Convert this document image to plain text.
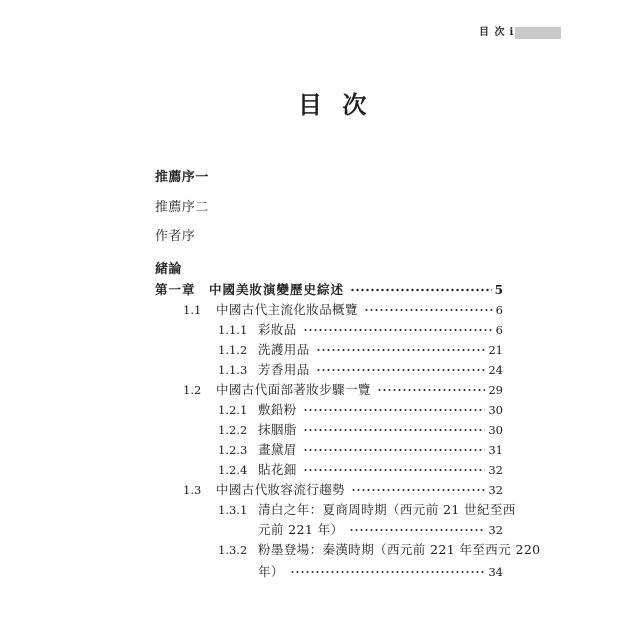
目 次 i
目 次
推薦序一
推薦序二
作者序
緒論
第一章	中國美妝演變歷史綜述	5
1.1	中國古代主流化妝品概覽	6
1.1.1 彩妝品	6
1.1.2 洗護用品	21
1.1.3 芳香用品	24
1.2	中國古代面部著妝步驟一覽	29
1.2.1 敷鉛粉	30
1.2.2 抹胭脂	30
1.2.3 畫黛眉	31
1.2.4 貼花鈿	32
1.3	中國古代妝容流行趨勢	32
1.3.1 清白之年：夏商周時期（西元前 21 世紀至西
元前 221 年）	32
1.3.2 粉墨登場：秦漢時期（西元前 221 年至西元 220
年）	34
